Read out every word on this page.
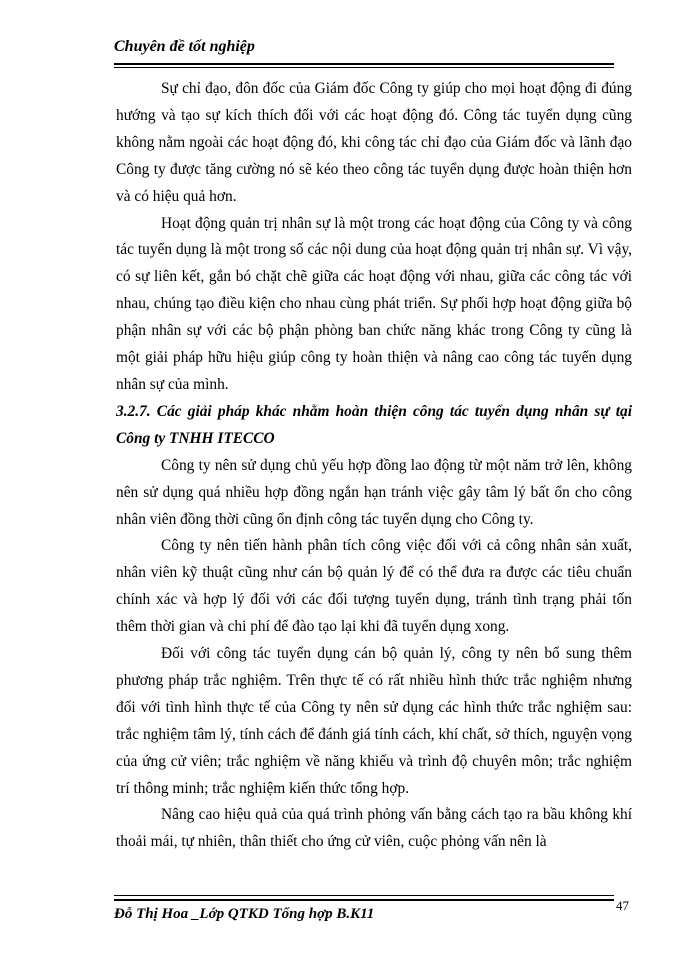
Chuyên đề tốt nghiệp

Sự chỉ đạo, đôn đốc của Giám đốc Công ty giúp cho mọi hoạt động đi đúng hướng và tạo sự kích thích đối với các hoạt động đó. Công tác tuyển dụng cũng không nằm ngoài các hoạt động đó, khi công tác chỉ đạo của Giám đốc và lãnh đạo Công ty được tăng cường nó sẽ kéo theo công tác tuyển dụng được hoàn thiện hơn và có hiệu quả hơn.

Hoạt động quản trị nhân sự là một trong các hoạt động của Công ty và công tác tuyển dụng là một trong số các nội dung của hoạt động quản trị nhân sự. Vì vậy, có sự liên kết, gắn bó chặt chẽ giữa các hoạt động với nhau, giữa các công tác với nhau, chúng tạo điều kiện cho nhau cùng phát triển. Sự phối hợp hoạt động giữa bộ phận nhân sự với các bộ phận phòng ban chức năng khác trong Công ty cũng là một giải pháp hữu hiệu giúp công ty hoàn thiện và nâng cao công tác tuyển dụng nhân sự của mình.

3.2.7. Các giải pháp khác nhằm hoàn thiện công tác tuyển dụng nhân sự tại Công ty TNHH ITECCO

Công ty nên sử dụng chủ yếu hợp đồng lao động từ một năm trở lên, không nên sử dụng quá nhiều hợp đồng ngắn hạn tránh việc gây tâm lý bất ổn cho công nhân viên đồng thời cũng ổn định công tác tuyển dụng cho Công ty.

Công ty nên tiến hành phân tích công việc đối với cả công nhân sản xuất, nhân viên kỹ thuật cũng như cán bộ quản lý để có thể đưa ra được các tiêu chuẩn chính xác và hợp lý đối với các đối tượng tuyển dụng, tránh tình trạng phải tốn thêm thời gian và chi phí để đào tạo lại khi đã tuyển dụng xong.

Đối với công tác tuyển dụng cán bộ quản lý, công ty nên bổ sung thêm phương pháp trắc nghiệm. Trên thực tế có rất nhiều hình thức trắc nghiệm nhưng đối với tình hình thực tế của Công ty nên sử dụng các hình thức trắc nghiệm sau: trắc nghiệm tâm lý, tính cách để đánh giá tính cách, khí chất, sở thích, nguyện vọng của ứng cử viên; trắc nghiệm về năng khiếu và trình độ chuyên môn; trắc nghiệm trí thông minh; trắc nghiệm kiến thức tổng hợp.

Nâng cao hiệu quả của quá trình phỏng vấn bằng cách tạo ra bầu không khí thoải mái, tự nhiên, thân thiết cho ứng cử viên, cuộc phỏng vấn nên là

Đỗ Thị Hoa _Lớp QTKD Tổng hợp B.K11
47
